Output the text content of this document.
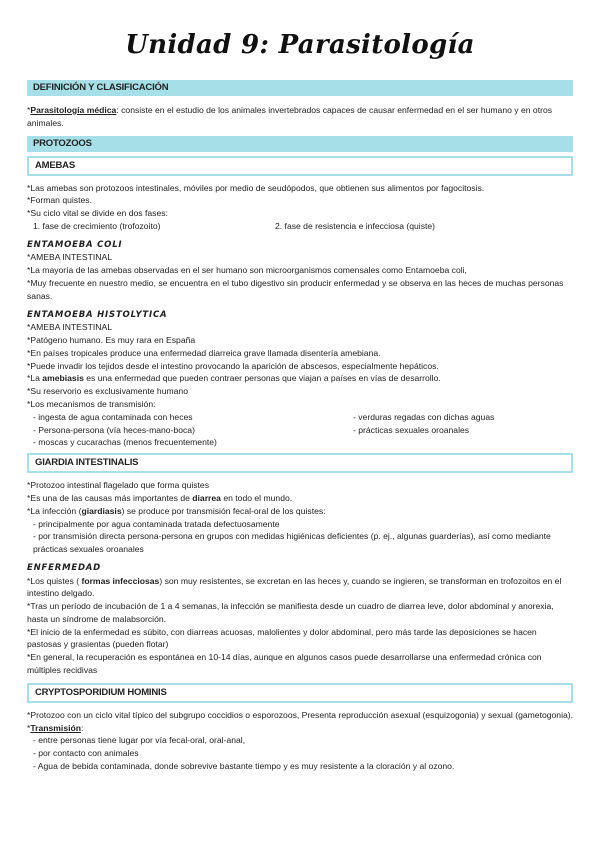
Unidad 9: Parasitología
DEFINICIÓN Y CLASIFICACIÓN

*Parasitología médica: consiste en el estudio de los animales invertebrados capaces de causar enfermedad en el ser humano y en otros animales.

PROTOZOOS
AMEBAS

*Las amebas son protozoos intestinales, móviles por medio de seudópodos, que obtienen sus alimentos por fagocitosis.

*Forman quistes.

*Su ciclo vital se divide en dos fases:

1. fase de crecimiento (trofozoito)	2. fase de resistencia e infecciosa (quiste)

ENTAMOEBA COLI

*AMEBA INTESTINAL

*La mayoría de las amebas observadas en el ser humano son microorganismos comensales como Entamoeba coli,

*Muy frecuente en nuestro medio, se encuentra en el tubo digestivo sin producir enfermedad y se observa en las heces de muchas personas sanas.

ENTAMOEBA HISTOLYTICA

*AMEBA INTESTINAL

*Patógeno humano. Es muy rara en España

*En países tropicales produce una enfermedad diarreica grave llamada disentería amebiana.

*Puede invadir los tejidos desde el intestino provocando la aparición de abscesos, especialmente hepáticos.

*La amebiasis es una enfermedad que pueden contraer personas que viajan a países en vías de desarrollo.

*Su reservorio es exclusivamente humano

*Los mecanismos de transmisión:

- ingesta de agua contaminada con heces	- verduras regadas con dichas aguas

- Persona-persona (vía heces-mano-boca)	- prácticas sexuales oroanales

- moscas y cucarachas (menos frecuentemente)

GIARDIA INTESTINALIS

*Protozoo intestinal flagelado que forma quistes

*Es una de las causas más importantes de diarrea en todo el mundo.

*La infección (giardiasis) se produce por transmisión fecal-oral de los quistes:

- principalmente por agua contaminada tratada defectuosamente

- por transmisión directa persona-persona en grupos con medidas higiénicas deficientes (p. ej., algunas guarderías), así como mediante prácticas sexuales oroanales

ENFERMEDAD

*Los quistes ( formas infecciosas) son muy resistentes, se excretan en las heces y, cuando se ingieren, se transforman en trofozoitos en el intestino delgado.

*Tras un período de incubación de 1 a 4 semanas, la infección se manifiesta desde un cuadro de diarrea leve, dolor abdominal y anorexia, hasta un síndrome de malabsorción.

*El inicio de la enfermedad es súbito, con diarreas acuosas, malolientes y dolor abdominal, pero más tarde las deposiciones se hacen pastosas y grasientas (pueden flotar)

*En general, la recuperación es espontánea en 10-14 días, aunque en algunos casos puede desarrollarse una enfermedad crónica con múltiples recidivas

CRYPTOSPORIDIUM HOMINIS

*Protozoo con un ciclo vital típico del subgrupo coccidios o esporozoos, Presenta reproducción asexual (esquizogonia) y sexual (gametogonia).

*Transmisión:

- entre personas tiene lugar por vía fecal-oral, oral-anal,

- por contacto con animales

- Agua de bebida contaminada, donde sobrevive bastante tiempo y es muy resistente a la cloración y al ozono.
